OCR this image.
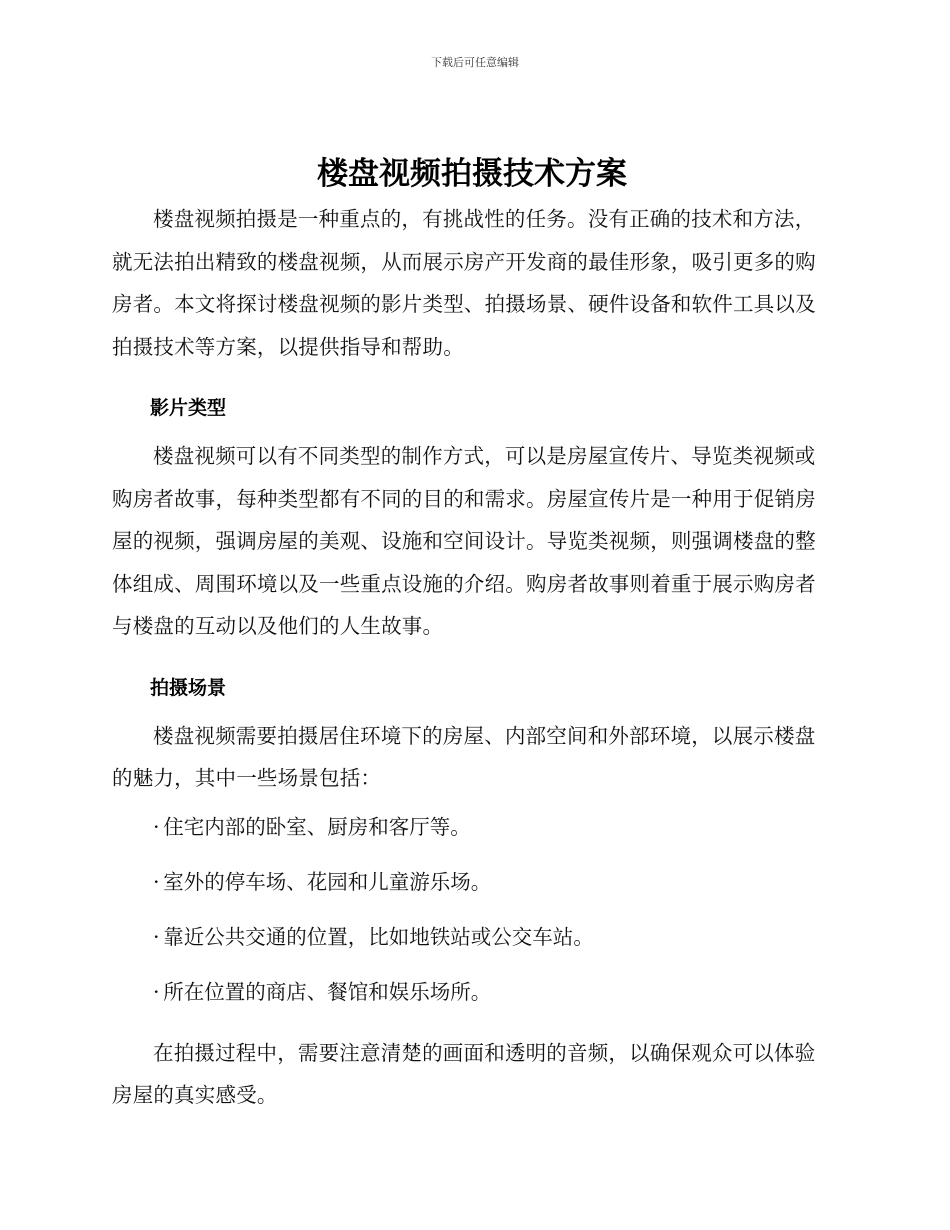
下载后可任意编辑
楼盘视频拍摄技术方案

楼盘视频拍摄是一种重点的，有挑战性的任务。没有正确的技术和方法，就无法拍出精致的楼盘视频，从而展示房产开发商的最佳形象，吸引更多的购房者。本文将探讨楼盘视频的影片类型、拍摄场景、硬件设备和软件工具以及拍摄技术等方案，以提供指导和帮助。

影片类型

楼盘视频可以有不同类型的制作方式，可以是房屋宣传片、导览类视频或购房者故事，每种类型都有不同的目的和需求。房屋宣传片是一种用于促销房屋的视频，强调房屋的美观、设施和空间设计。导览类视频，则强调楼盘的整体组成、周围环境以及一些重点设施的介绍。购房者故事则着重于展示购房者与楼盘的互动以及他们的人生故事。

拍摄场景

楼盘视频需要拍摄居住环境下的房屋、内部空间和外部环境，以展示楼盘的魅力，其中一些场景包括：

· 住宅内部的卧室、厨房和客厅等。
· 室外的停车场、花园和儿童游乐场。
· 靠近公共交通的位置，比如地铁站或公交车站。
· 所在位置的商店、餐馆和娱乐场所。

在拍摄过程中，需要注意清楚的画面和透明的音频，以确保观众可以体验房屋的真实感受。
